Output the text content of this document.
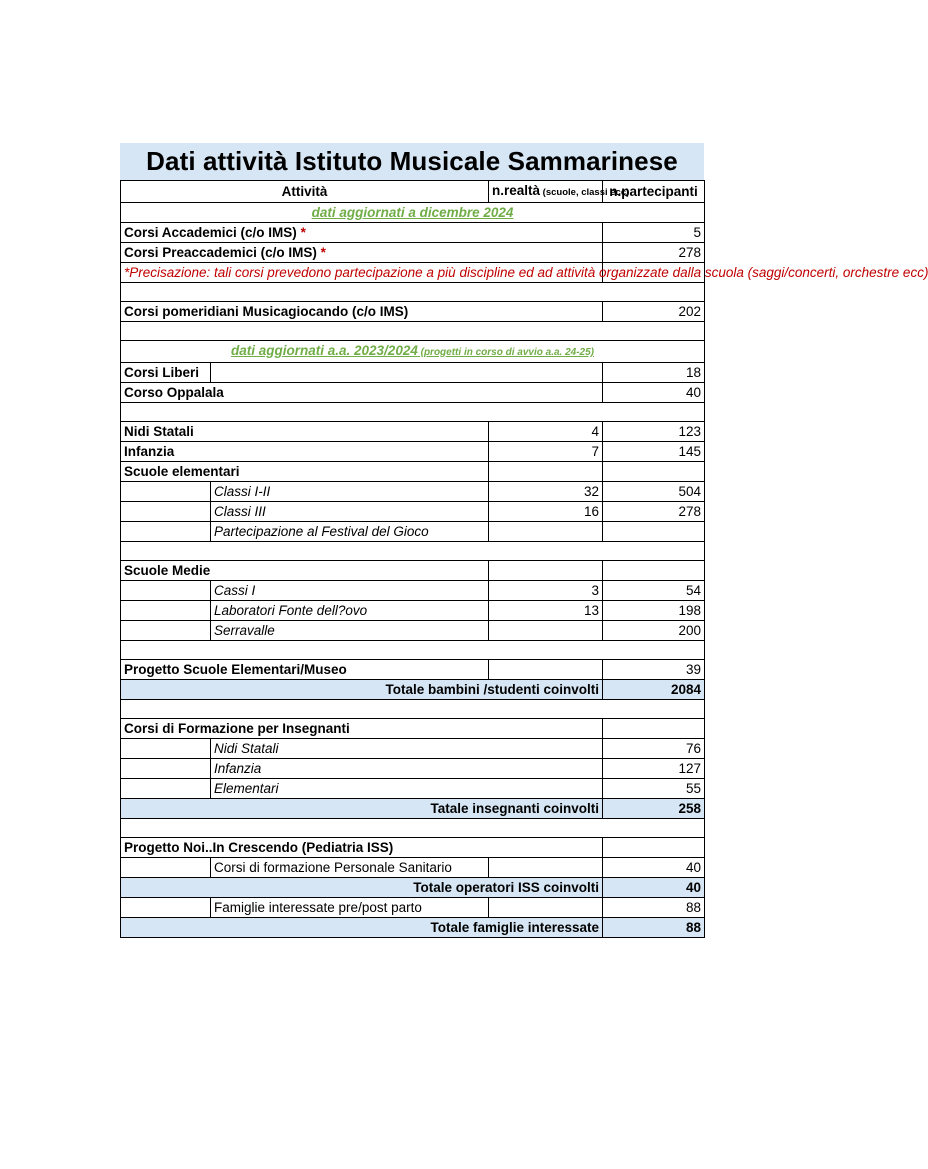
Dati attività Istituto Musicale Sammarinese
Attività		n.realtà (scuole, classi ecc)	n.partecipanti
dati aggiornati a dicembre 2024			
Corsi Accademici (c/o IMS) *			5
Corsi Preaccademici (c/o IMS) *			278
*Precisazione: tali corsi prevedono partecipazione a più discipline ed ad attività organizzate dalla scuola (saggi/concerti, orchestre ecc)			

Corsi pomeridiani Musicagiocando (c/o IMS)			202

dati aggiornati a.a. 2023/2024 (progetti in corso di avvio a.a. 24-25)			
Corsi Liberi			18
Corso Oppalala			40

Nidi Statali		4	123
Infanzia		7	145
Scuole elementari			
	Classi I-II	32	504
	Classi III	16	278
	Partecipazione al Festival del Gioco		

Scuole Medie			
	Cassi I	3	54
	Laboratori Fonte dell?ovo	13	198
	Serravalle		200

Progetto Scuole Elementari/Museo			39
Totale bambini /studenti coinvolti			2084

Corsi di Formazione per Insegnanti			
	Nidi Statali		76
	Infanzia		127
	Elementari		55
Tatale insegnanti coinvolti			258

Progetto Noi..In Crescendo (Pediatria ISS)			
	Corsi di formazione Personale Sanitario		40
Totale operatori ISS coinvolti			40
	Famiglie interessate pre/post parto		88
Totale famiglie interessate			88
